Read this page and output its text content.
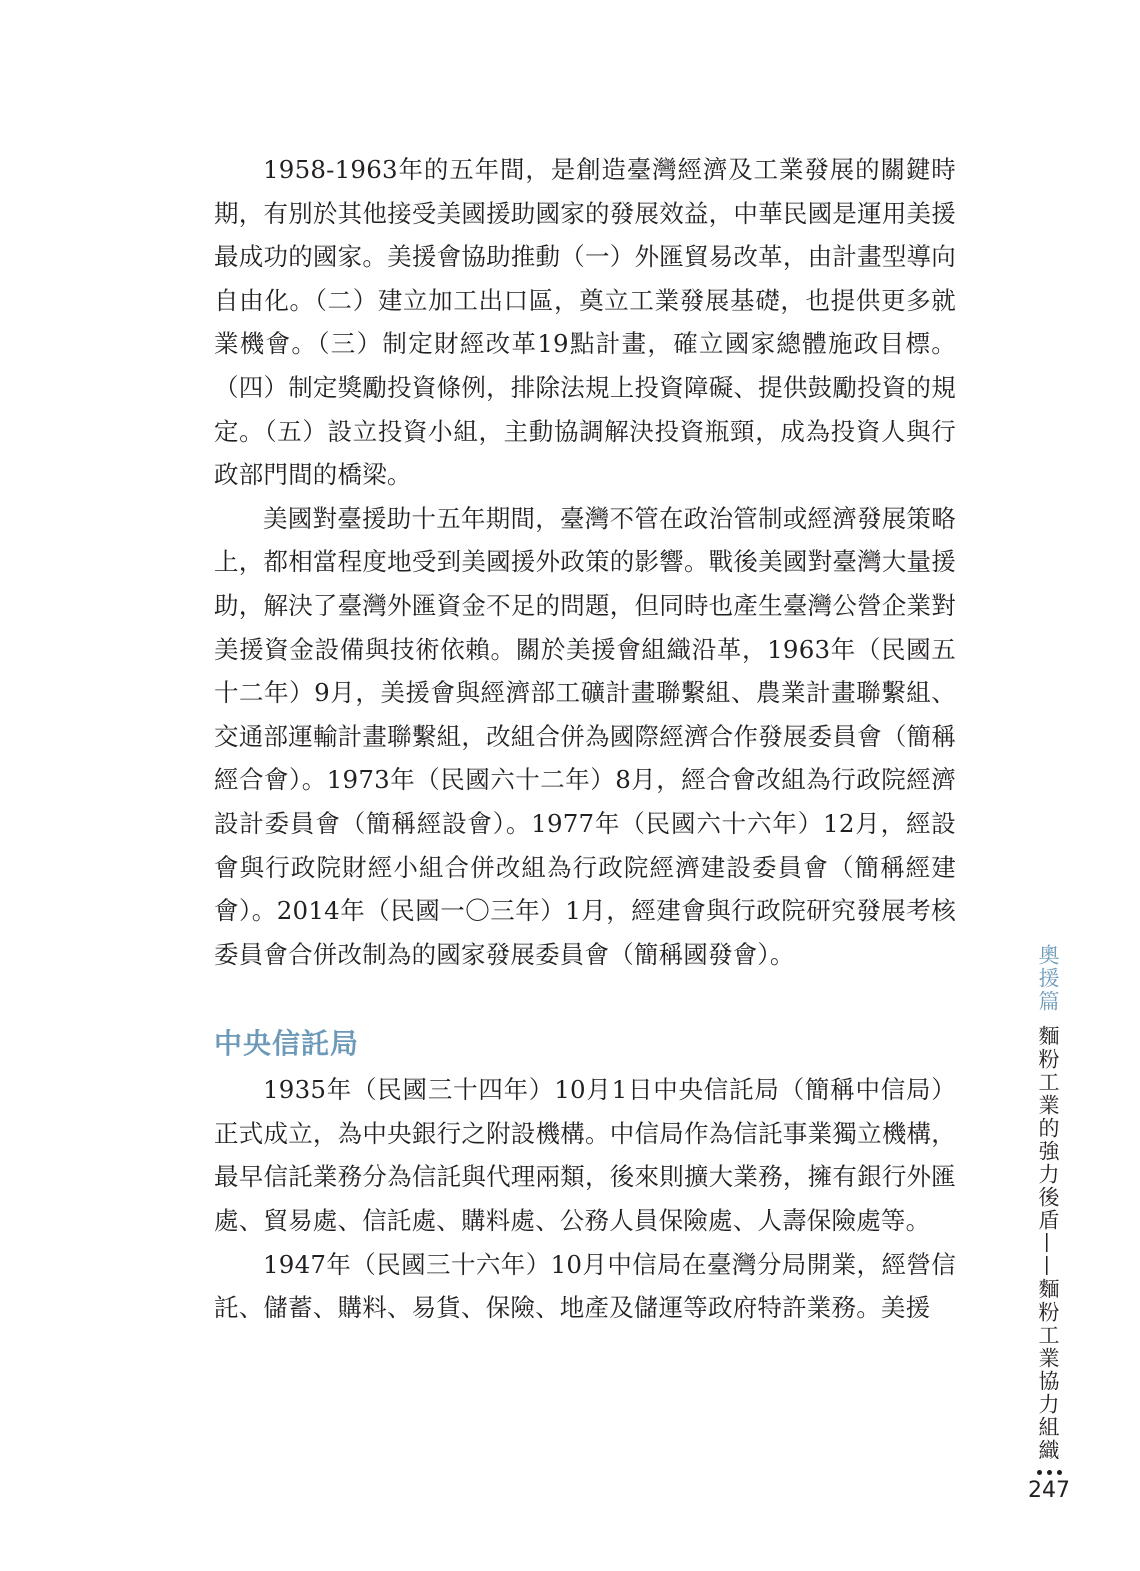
1958-1963年的五年間，是創造臺灣經濟及工業發展的關鍵時期，有別於其他接受美國援助國家的發展效益，中華民國是運用美援最成功的國家。美援會協助推動（一）外匯貿易改革，由計畫型導向自由化。（二）建立加工出口區，奠立工業發展基礎，也提供更多就業機會。（三）制定財經改革19點計畫，確立國家總體施政目標。（四）制定獎勵投資條例，排除法規上投資障礙、提供鼓勵投資的規定。（五）設立投資小組，主動協調解決投資瓶頸，成為投資人與行政部門間的橋梁。

美國對臺援助十五年期間，臺灣不管在政治管制或經濟發展策略上，都相當程度地受到美國援外政策的影響。戰後美國對臺灣大量援助，解決了臺灣外匯資金不足的問題，但同時也產生臺灣公營企業對美援資金設備與技術依賴。關於美援會組織沿革，1963年（民國五十二年）9月，美援會與經濟部工礦計畫聯繫組、農業計畫聯繫組、交通部運輸計畫聯繫組，改組合併為國際經濟合作發展委員會（簡稱經合會）。1973年（民國六十二年）8月，經合會改組為行政院經濟設計委員會（簡稱經設會）。1977年（民國六十六年）12月，經設會與行政院財經小組合併改組為行政院經濟建設委員會（簡稱經建會）。2014年（民國一〇三年）1月，經建會與行政院研究發展考核委員會合併改制為的國家發展委員會（簡稱國發會）。

中央信託局

1935年（民國三十四年）10月1日中央信託局（簡稱中信局）正式成立，為中央銀行之附設機構。中信局作為信託事業獨立機構，最早信託業務分為信託與代理兩類，後來則擴大業務，擁有銀行外匯處、貿易處、信託處、購料處、公務人員保險處、人壽保險處等。

1947年（民國三十六年）10月中信局在臺灣分局開業，經營信託、儲蓄、購料、易貨、保險、地產及儲運等政府特許業務。美援

奧援篇
麵粉工業的強力後盾——麵粉工業協力組織
247
